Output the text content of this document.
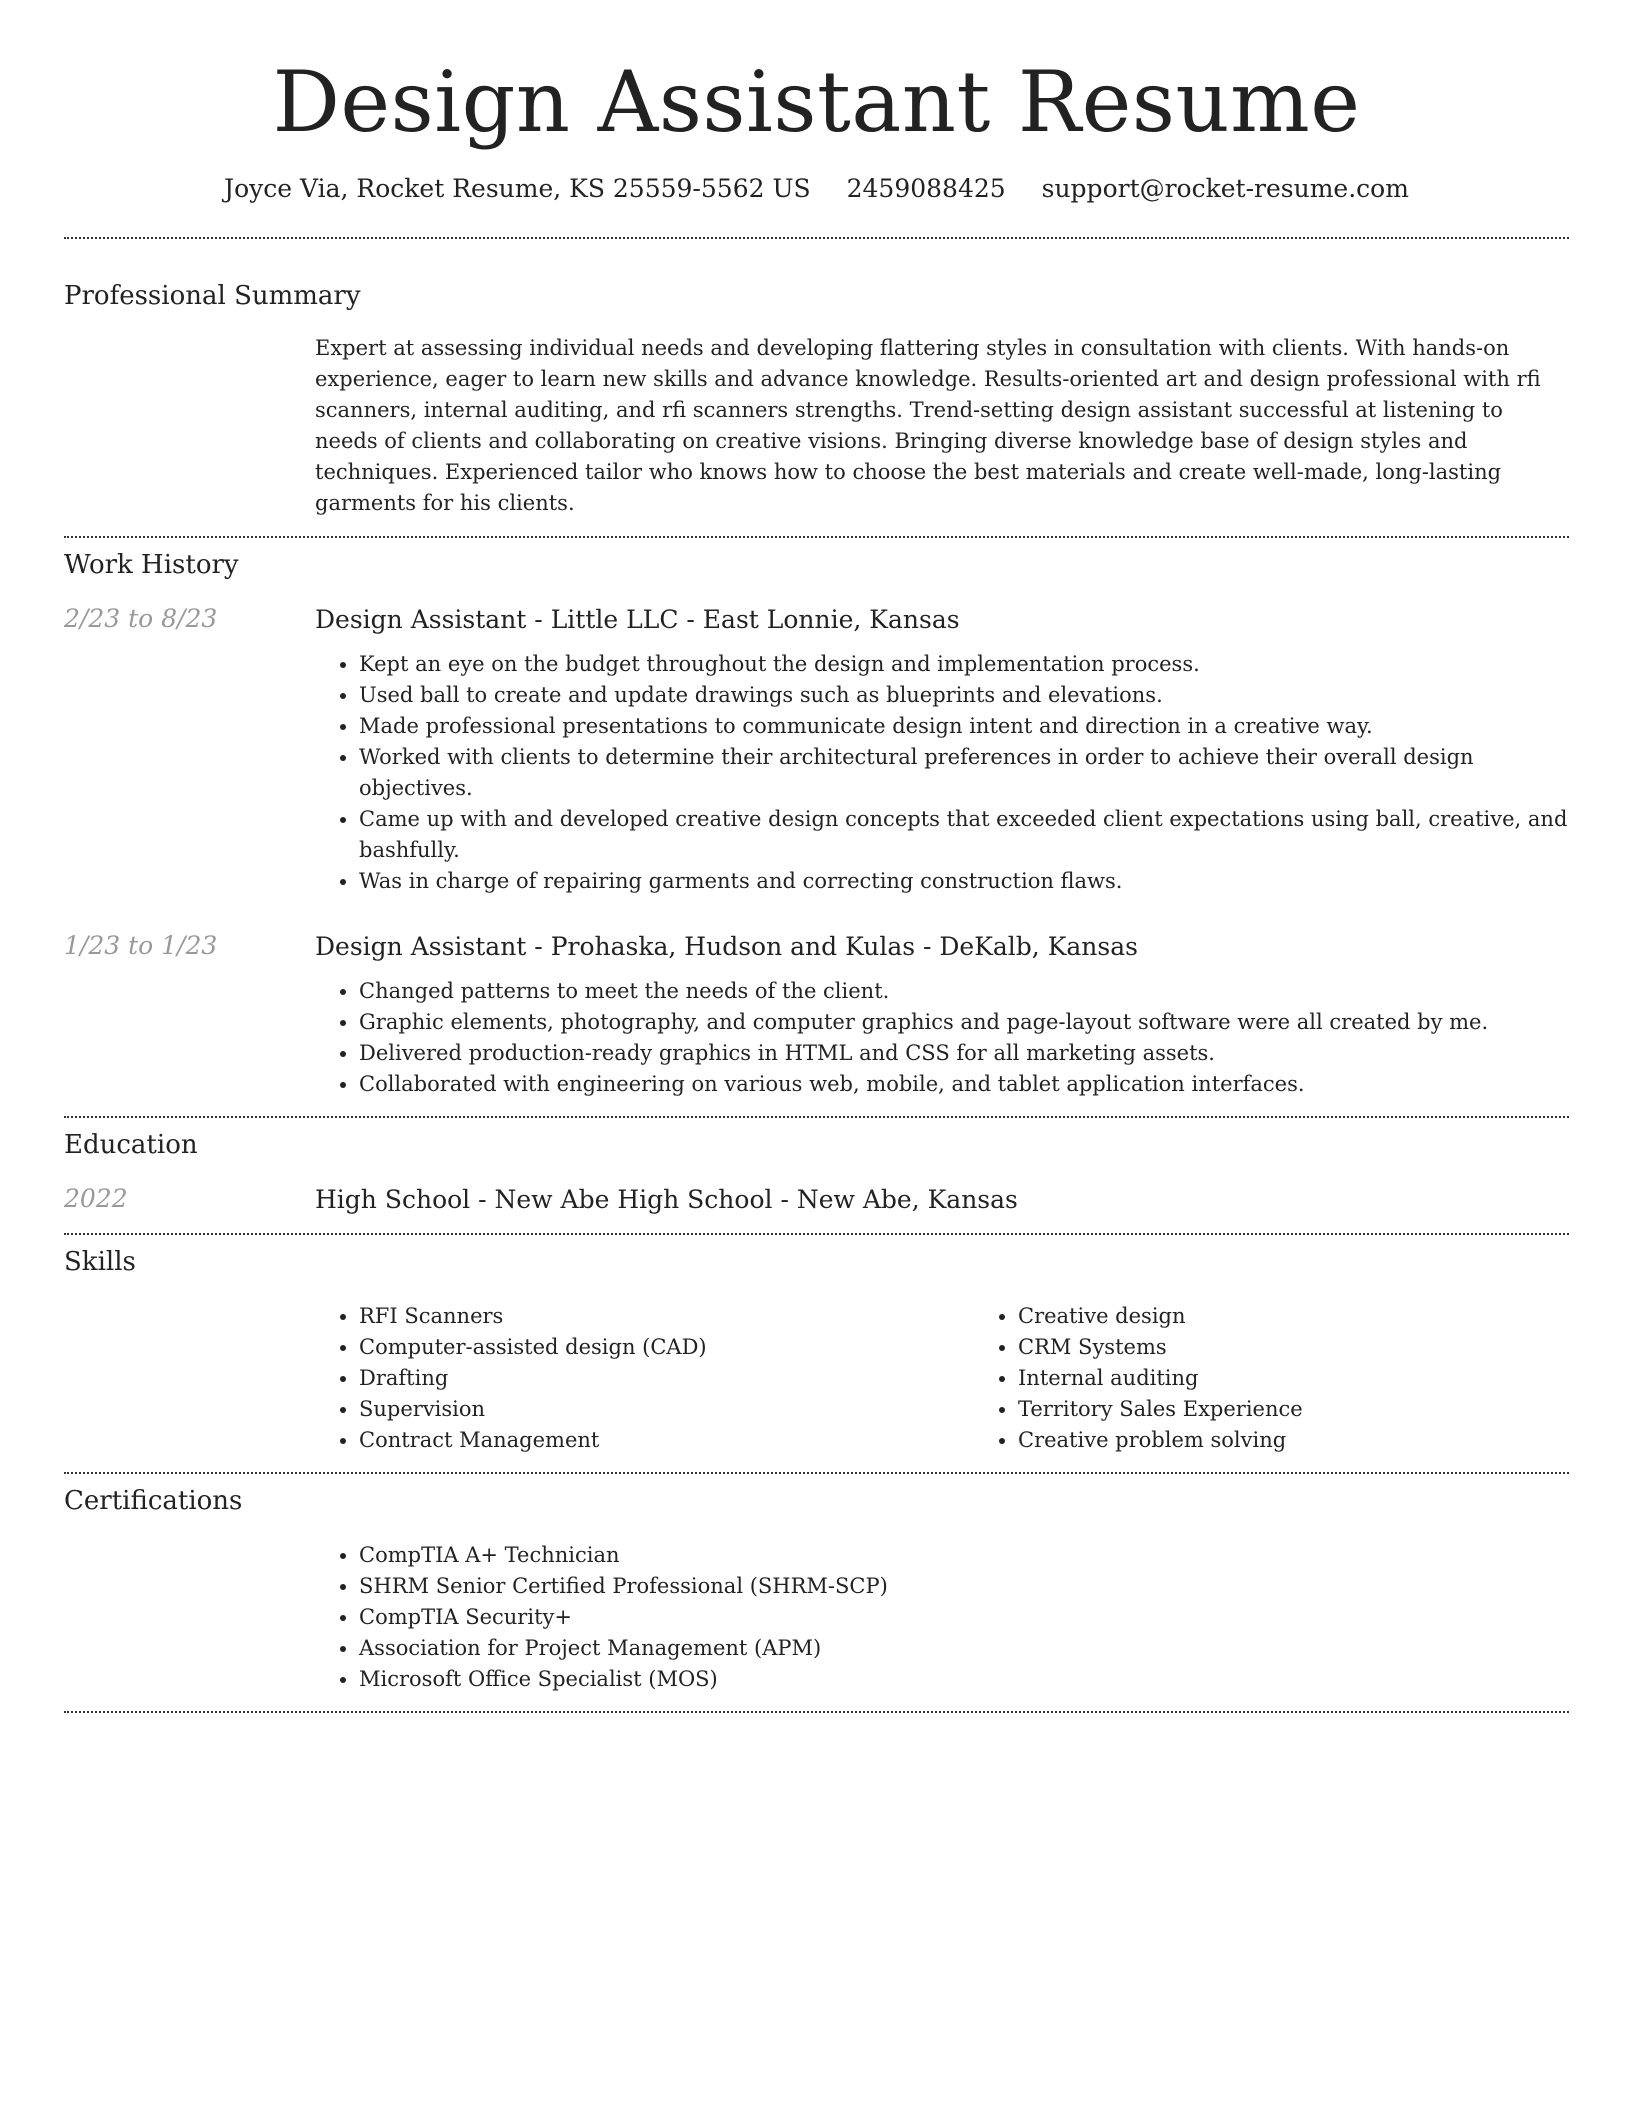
Design Assistant Resume
Joyce Via, Rocket Resume, KS 25559-5562 US 2459088425 support@rocket-resume.com
Professional Summary
Expert at assessing individual needs and developing flattering styles in consultation with clients. With hands-on experience, eager to learn new skills and advance knowledge. Results-oriented art and design professional with rfi scanners, internal auditing, and rfi scanners strengths. Trend-setting design assistant successful at listening to needs of clients and collaborating on creative visions. Bringing diverse knowledge base of design styles and techniques. Experienced tailor who knows how to choose the best materials and create well-made, long-lasting garments for his clients.
Work History
2/23 to 8/23	Design Assistant - Little LLC - East Lonnie, Kansas
• Kept an eye on the budget throughout the design and implementation process.
• Used ball to create and update drawings such as blueprints and elevations.
• Made professional presentations to communicate design intent and direction in a creative way.
• Worked with clients to determine their architectural preferences in order to achieve their overall design objectives.
• Came up with and developed creative design concepts that exceeded client expectations using ball, creative, and bashfully.
• Was in charge of repairing garments and correcting construction flaws.
1/23 to 1/23	Design Assistant - Prohaska, Hudson and Kulas - DeKalb, Kansas
• Changed patterns to meet the needs of the client.
• Graphic elements, photography, and computer graphics and page-layout software were all created by me.
• Delivered production-ready graphics in HTML and CSS for all marketing assets.
• Collaborated with engineering on various web, mobile, and tablet application interfaces.
Education
2022	High School - New Abe High School - New Abe, Kansas
Skills
• RFI Scanners
• Computer-assisted design (CAD)
• Drafting
• Supervision
• Contract Management
• Creative design
• CRM Systems
• Internal auditing
• Territory Sales Experience
• Creative problem solving
Certifications
• CompTIA A+ Technician
• SHRM Senior Certified Professional (SHRM-SCP)
• CompTIA Security+
• Association for Project Management (APM)
• Microsoft Office Specialist (MOS)
